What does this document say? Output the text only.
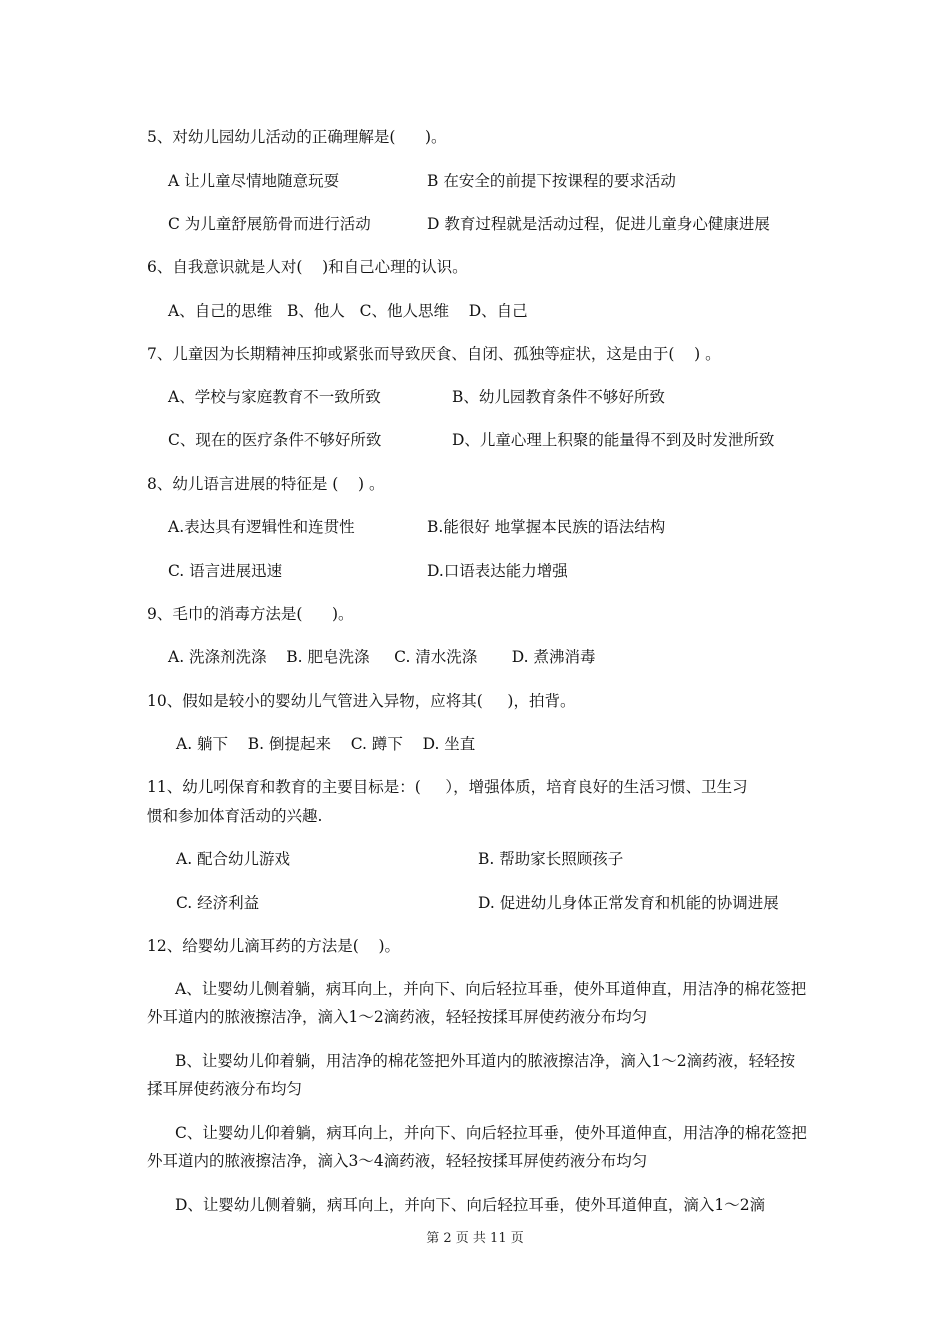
5、对幼儿园幼儿活动的正确理解是(      )。
A 让儿童尽情地随意玩耍	B 在安全的前提下按课程的要求活动
C 为儿童舒展筋骨而进行活动	D 教育过程就是活动过程，促进儿童身心健康进展
6、自我意识就是人对(    )和自己心理的认识。
A、自己的思维   B、他人   C、他人思维    D、自己
7、儿童因为长期精神压抑或紧张而导致厌食、自闭、孤独等症状，这是由于(    ) 。
A、学校与家庭教育不一致所致	B、幼儿园教育条件不够好所致
C、现在的医疗条件不够好所致	D、儿童心理上积聚的能量得不到及时发泄所致
8、幼儿语言进展的特征是 (    ) 。
A.表达具有逻辑性和连贯性	B.能很好 地掌握本民族的语法结构
C. 语言进展迅速	D.口语表达能力增强
9、毛巾的消毒方法是(      )。
A. 洗涤剂洗涤    B. 肥皂洗涤     C. 清水洗涤       D. 煮沸消毒
10、假如是较小的婴幼儿气管进入异物，应将其(     )，拍背。
A. 躺下    B. 倒提起来    C. 蹲下    D. 坐直
11、幼儿吲保育和教育的主要目标是：(     ），增强体质，培育良好的生活习惯、卫生习
惯和参加体育活动的兴趣.
A. 配合幼儿游戏	B. 帮助家长照顾孩子
C. 经济利益	D. 促进幼儿身体正常发育和机能的协调进展
12、给婴幼儿滴耳药的方法是(    )。
A、让婴幼儿侧着躺，病耳向上，并向下、向后轻拉耳垂，使外耳道伸直，用洁净的棉花签把外耳道内的脓液擦洁净，滴入1～2滴药液，轻轻按揉耳屏使药液分布均匀
B、让婴幼儿仰着躺，用洁净的棉花签把外耳道内的脓液擦洁净，滴入1～2滴药液，轻轻按揉耳屏使药液分布均匀
C、让婴幼儿仰着躺，病耳向上，并向下、向后轻拉耳垂，使外耳道伸直，用洁净的棉花签把外耳道内的脓液擦洁净，滴入3～4滴药液，轻轻按揉耳屏使药液分布均匀
D、让婴幼儿侧着躺，病耳向上，并向下、向后轻拉耳垂，使外耳道伸直，滴入1～2滴
第 2 页 共 11 页
